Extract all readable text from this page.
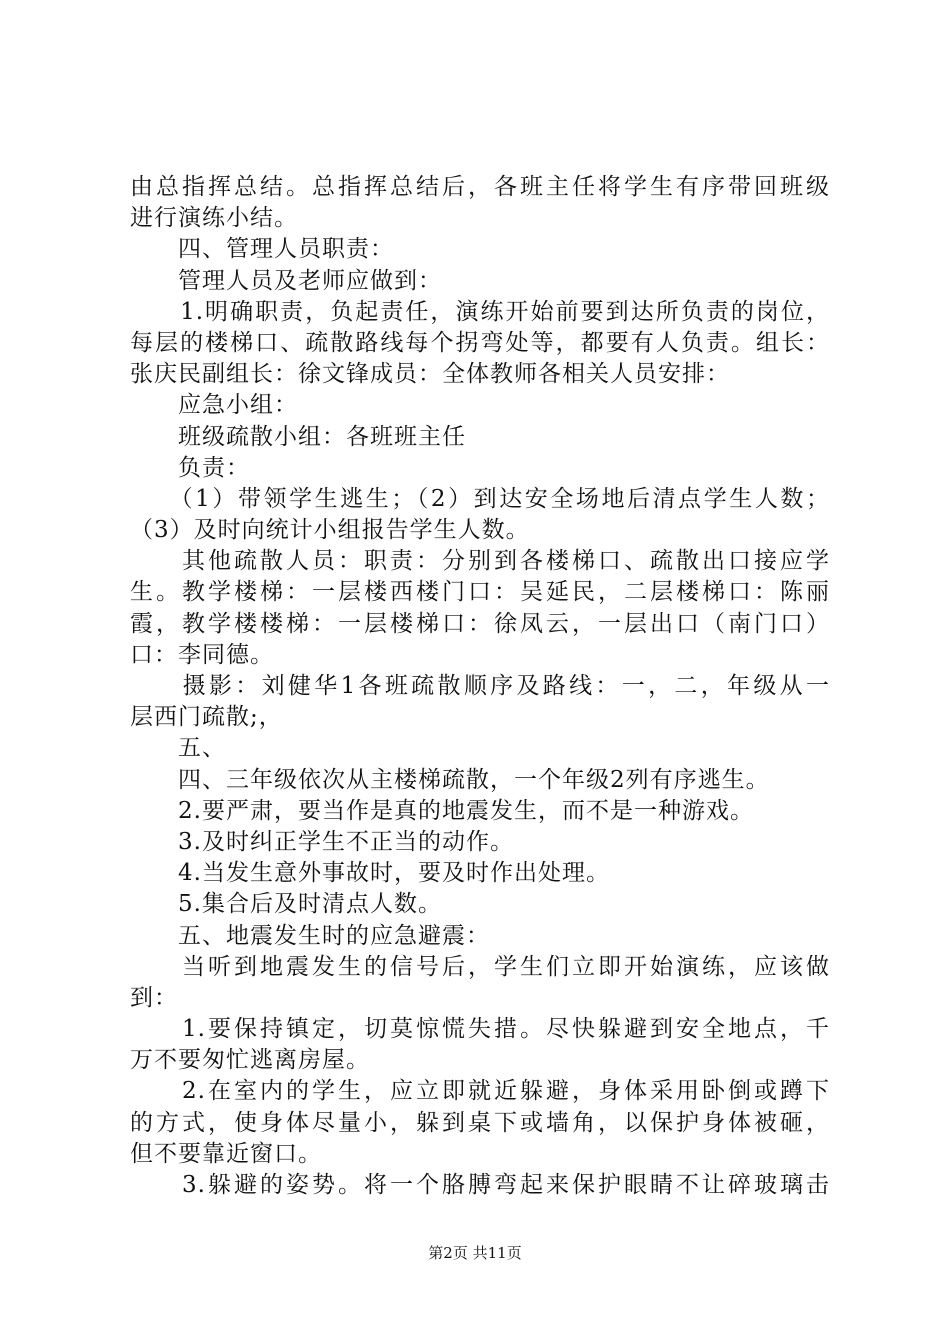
由总指挥总结。总指挥总结后，各班主任将学生有序带回班级
进行演练小结。
　　四、管理人员职责：
　　管理人员及老师应做到：
　　1.明确职责，负起责任，演练开始前要到达所负责的岗位，
每层的楼梯口、疏散路线每个拐弯处等，都要有人负责。组长：
张庆民副组长：徐文锋成员：全体教师各相关人员安排：
　　应急小组：
　　班级疏散小组：各班班主任
　　负责：
　　（1）带领学生逃生；（2）到达安全场地后清点学生人数；
（3）及时向统计小组报告学生人数。
　　其他疏散人员：职责：分别到各楼梯口、疏散出口接应学
生。教学楼梯：一层楼西楼门口：吴延民，二层楼梯口：陈丽
霞，教学楼楼梯：一层楼梯口：徐凤云，一层出口（南门口）
口：李同德。
　　摄影：刘健华1各班疏散顺序及路线：一，二，年级从一
层西门疏散;，
　　五、
　　四、三年级依次从主楼梯疏散，一个年级2列有序逃生。
　　2.要严肃，要当作是真的地震发生，而不是一种游戏。
　　3.及时纠正学生不正当的动作。
　　4.当发生意外事故时，要及时作出处理。
　　5.集合后及时清点人数。
　　五、地震发生时的应急避震：
　　当听到地震发生的信号后，学生们立即开始演练，应该做
到：
　　1.要保持镇定，切莫惊慌失措。尽快躲避到安全地点，千
万不要匆忙逃离房屋。
　　2.在室内的学生，应立即就近躲避，身体采用卧倒或蹲下
的方式，使身体尽量小，躲到桌下或墙角，以保护身体被砸，
但不要靠近窗口。
　　3.躲避的姿势。将一个胳膊弯起来保护眼睛不让碎玻璃击
第2页 共11页
